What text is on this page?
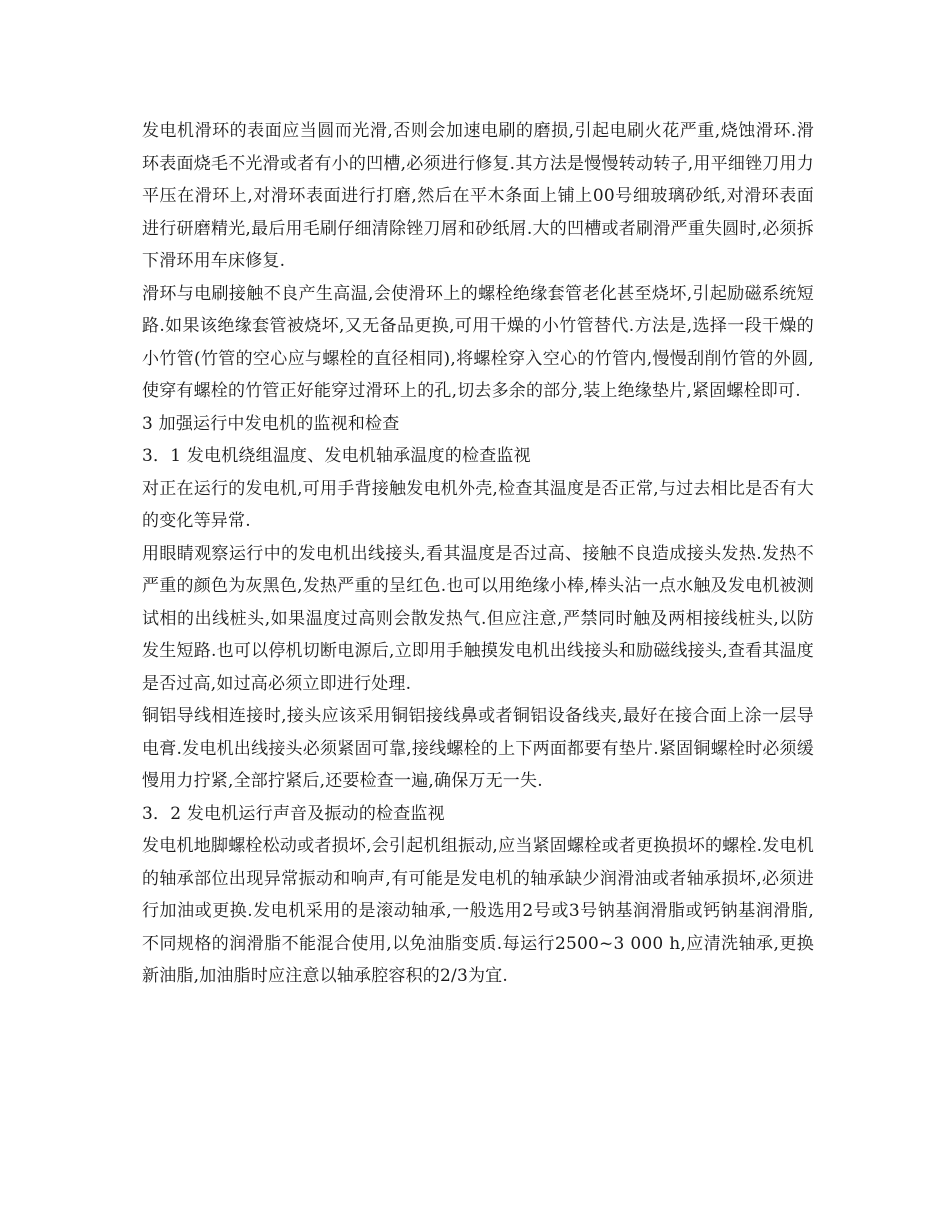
发电机滑环的表面应当圆而光滑,否则会加速电刷的磨损,引起电刷火花严重,烧蚀滑环.滑环表面烧毛不光滑或者有小的凹槽,必须进行修复.其方法是慢慢转动转子,用平细锉刀用力平压在滑环上,对滑环表面进行打磨,然后在平木条面上铺上00号细玻璃砂纸,对滑环表面进行研磨精光,最后用毛刷仔细清除锉刀屑和砂纸屑.大的凹槽或者刷滑严重失圆时,必须拆下滑环用车床修复.

滑环与电刷接触不良产生高温,会使滑环上的螺栓绝缘套管老化甚至烧坏,引起励磁系统短路.如果该绝缘套管被烧坏,又无备品更换,可用干燥的小竹管替代.方法是,选择一段干燥的小竹管(竹管的空心应与螺栓的直径相同),将螺栓穿入空心的竹管内,慢慢刮削竹管的外圆,使穿有螺栓的竹管正好能穿过滑环上的孔,切去多余的部分,装上绝缘垫片,紧固螺栓即可.

3 加强运行中发电机的监视和检查

3．1 发电机绕组温度、发电机轴承温度的检查监视

对正在运行的发电机,可用手背接触发电机外壳,检查其温度是否正常,与过去相比是否有大的变化等异常.

用眼睛观察运行中的发电机出线接头,看其温度是否过高、接触不良造成接头发热.发热不严重的颜色为灰黑色,发热严重的呈红色.也可以用绝缘小棒,棒头沾一点水触及发电机被测试相的出线桩头,如果温度过高则会散发热气.但应注意,严禁同时触及两相接线桩头,以防发生短路.也可以停机切断电源后,立即用手触摸发电机出线接头和励磁线接头,查看其温度是否过高,如过高必须立即进行处理.

铜铝导线相连接时,接头应该采用铜铝接线鼻或者铜铝设备线夹,最好在接合面上涂一层导电膏.发电机出线接头必须紧固可靠,接线螺栓的上下两面都要有垫片.紧固铜螺栓时必须缓慢用力拧紧,全部拧紧后,还要检查一遍,确保万无一失.

3．2 发电机运行声音及振动的检查监视

发电机地脚螺栓松动或者损坏,会引起机组振动,应当紧固螺栓或者更换损坏的螺栓.发电机的轴承部位出现异常振动和响声,有可能是发电机的轴承缺少润滑油或者轴承损坏,必须进行加油或更换.发电机采用的是滚动轴承,一般选用2号或3号钠基润滑脂或钙钠基润滑脂,不同规格的润滑脂不能混合使用,以免油脂变质.每运行2500~3 000 h,应清洗轴承,更换新油脂,加油脂时应注意以轴承腔容积的2/3为宜.
